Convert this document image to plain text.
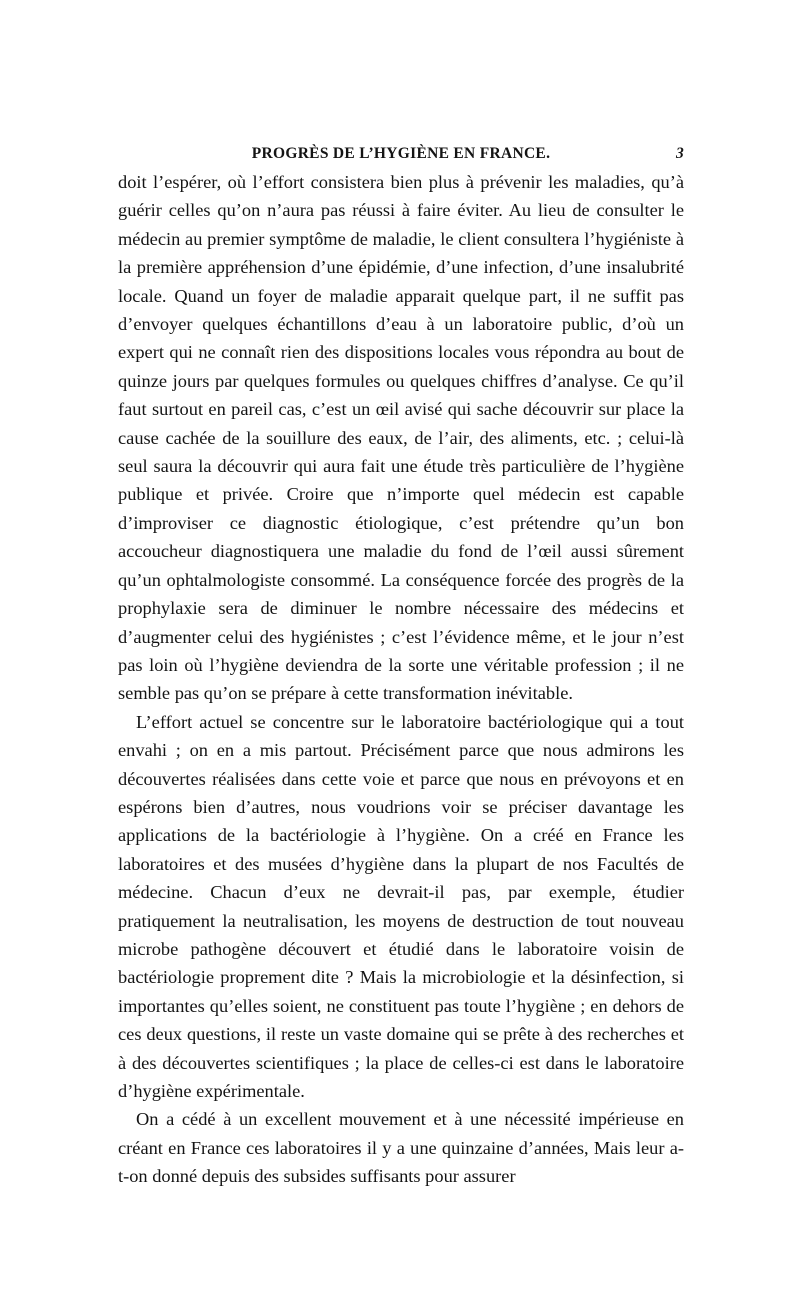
PROGRÈS DE L’HYGIÈNE EN FRANCE.	3

doit l’espérer, où l’effort consistera bien plus à prévenir les maladies, qu’à guérir celles qu’on n’aura pas réussi à faire éviter. Au lieu de consulter le médecin au premier symptôme de maladie, le client consultera l’hygiéniste à la première appréhension d’une épidémie, d’une infection, d’une insalubrité locale. Quand un foyer de maladie apparait quelque part, il ne suffit pas d’envoyer quelques échantillons d’eau à un laboratoire public, d’où un expert qui ne connaît rien des dispositions locales vous répondra au bout de quinze jours par quelques formules ou quelques chiffres d’analyse. Ce qu’il faut surtout en pareil cas, c’est un œil avisé qui sache découvrir sur place la cause cachée de la souillure des eaux, de l’air, des aliments, etc. ; celui-là seul saura la découvrir qui aura fait une étude très particulière de l’hygiène publique et privée. Croire que n’importe quel médecin est capable d’improviser ce diagnostic étiologique, c’est prétendre qu’un bon accoucheur diagnostiquera une maladie du fond de l’œil aussi sûrement qu’un ophtalmologiste consommé. La conséquence forcée des progrès de la prophylaxie sera de diminuer le nombre nécessaire des médecins et d’augmenter celui des hygiénistes ; c’est l’évidence même, et le jour n’est pas loin où l’hygiène deviendra de la sorte une véritable profession ; il ne semble pas qu’on se prépare à cette transformation inévitable.

L’effort actuel se concentre sur le laboratoire bactériologique qui a tout envahi ; on en a mis partout. Précisément parce que nous admirons les découvertes réalisées dans cette voie et parce que nous en prévoyons et en espérons bien d’autres, nous voudrions voir se préciser davantage les applications de la bactériologie à l’hygiène. On a créé en France les laboratoires et des musées d’hygiène dans la plupart de nos Facultés de médecine. Chacun d’eux ne devrait-il pas, par exemple, étudier pratiquement la neutralisation, les moyens de destruction de tout nouveau microbe pathogène découvert et étudié dans le laboratoire voisin de bactériologie proprement dite ? Mais la microbiologie et la désinfection, si importantes qu’elles soient, ne constituent pas toute l’hygiène ; en dehors de ces deux questions, il reste un vaste domaine qui se prête à des recherches et à des découvertes scientifiques ; la place de celles-ci est dans le laboratoire d’hygiène expérimentale.

On a cédé à un excellent mouvement et à une nécessité impérieuse en créant en France ces laboratoires il y a une quinzaine d’années, Mais leur a-t-on donné depuis des subsides suffisants pour assurer
